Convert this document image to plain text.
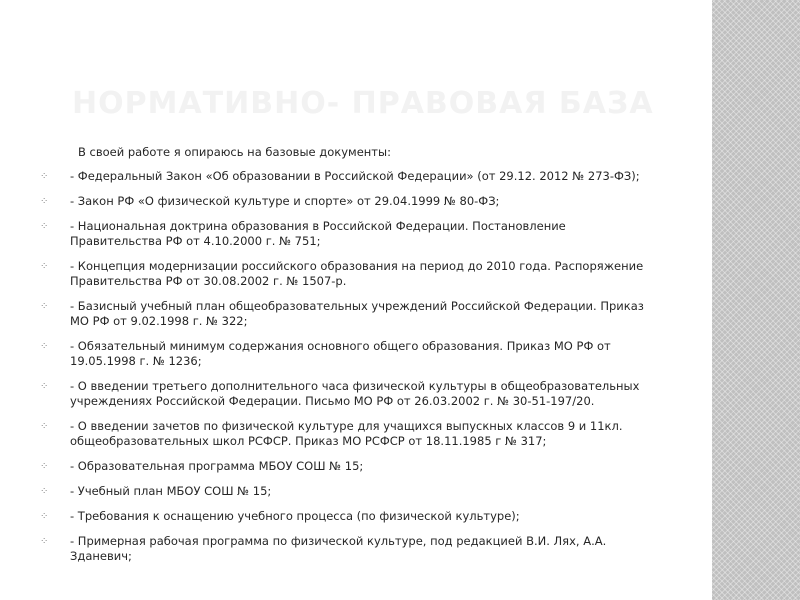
НОРМАТИВНО- ПРАВОВАЯ БАЗА

В своей работе я опираюсь на базовые документы:

⁘	- Федеральный Закон «Об образовании в Российской Федерации» (от 29.12. 2012 № 273-ФЗ);
⁘	- Закон РФ «О физической культуре и спорте» от 29.04.1999 № 80-ФЗ;
⁘	- Национальная доктрина образования в Российской Федерации. Постановление Правительства РФ от 4.10.2000 г. № 751;
⁘	- Концепция модернизации российского образования на период до 2010 года. Распоряжение Правительства РФ от 30.08.2002 г. № 1507-р.
⁘	- Базисный учебный план общеобразовательных учреждений Российской Федерации. Приказ МО РФ от 9.02.1998 г. № 322;
⁘	- Обязательный минимум содержания основного общего образования. Приказ МО РФ от 19.05.1998 г. № 1236;
⁘	- О введении третьего дополнительного часа физической культуры в общеобразовательных учреждениях Российской Федерации. Письмо МО РФ от 26.03.2002 г. № 30-51-197/20.
⁘	- О введении зачетов по физической культуре для учащихся выпускных классов 9 и 11кл. общеобразовательных школ РСФСР. Приказ МО РСФСР от 18.11.1985 г № 317;
⁘	- Образовательная программа МБОУ СОШ № 15;
⁘	- Учебный план МБОУ СОШ № 15;
⁘	- Требования к оснащению учебного процесса (по физической культуре);
⁘	- Примерная рабочая программа по физической культуре, под редакцией В.И. Лях, А.А. Зданевич;
